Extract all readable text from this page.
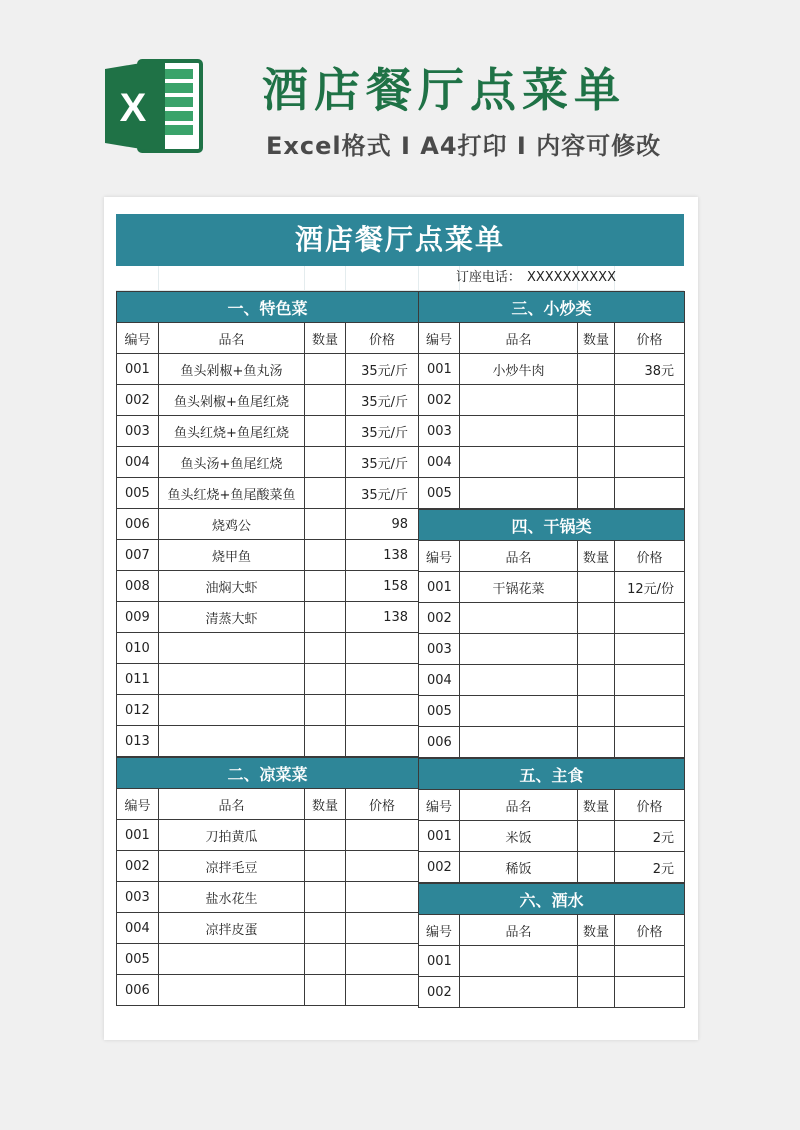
X	酒店餐厅点菜单
Excel格式 I A4打印 I 内容可修改
酒店餐厅点菜单
订座电话： XXXXXXXXXX
一、特色菜			
编号	品名	数量	价格
001	鱼头剁椒+鱼丸汤		35元/斤
002	鱼头剁椒+鱼尾红烧		35元/斤
003	鱼头红烧+鱼尾红烧		35元/斤
004	鱼头汤+鱼尾红烧		35元/斤
005	鱼头红烧+鱼尾酸菜鱼		35元/斤
006	烧鸡公		98
007	烧甲鱼		138
008	油焖大虾		158
009	清蒸大虾		138
010			
011			
012			
013			
二、凉菜菜			
编号	品名	数量	价格
001	刀拍黄瓜		
002	凉拌毛豆		
003	盐水花生		
004	凉拌皮蛋		
005			
006			
三、小炒类			
编号	品名	数量	价格
001	小炒牛肉		38元
002			
003			
004			
005			
四、干锅类			
编号	品名	数量	价格
001	干锅花菜		12元/份
002			
003			
004			
005			
006			
五、主食			
编号	品名	数量	价格
001	米饭		2元
002	稀饭		2元
六、酒水			
编号	品名	数量	价格
001			
002			
